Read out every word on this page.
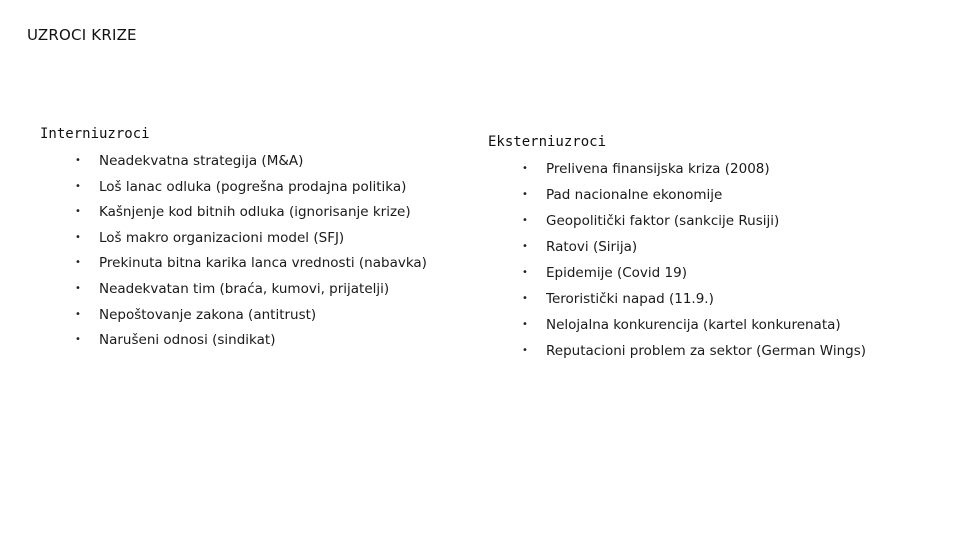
UZROCI KRIZE
Interniuzroci
• Neadekvatna strategija (M&A)
• Loš lanac odluka (pogrešna prodajna politika)
• Kašnjenje kod bitnih odluka (ignorisanje krize)
• Loš makro organizacioni model (SFJ)
• Prekinuta bitna karika lanca vrednosti (nabavka)
• Neadekvatan tim (braća, kumovi, prijatelji)
• Nepoštovanje zakona (antitrust)
• Narušeni odnosi (sindikat)
Eksterniuzroci
• Prelivena finansijska kriza (2008)
• Pad nacionalne ekonomije
• Geopolitički faktor (sankcije Rusiji)
• Ratovi (Sirija)
• Epidemije (Covid 19)
• Teroristički napad (11.9.)
• Nelojalna konkurencija (kartel konkurenata)
• Reputacioni problem za sektor (German Wings)
